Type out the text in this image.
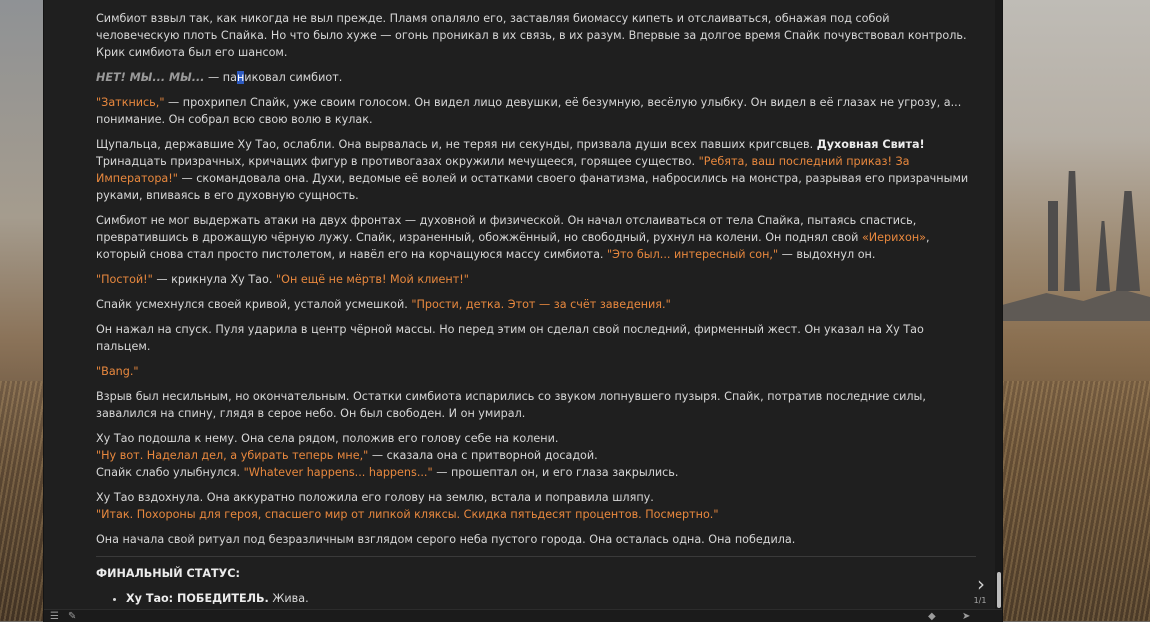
Симбиот взвыл так, как никогда не выл прежде. Пламя опаляло его, заставляя биомассу кипеть и отслаиваться, обнажая под собой человеческую плоть Спайка. Но что было хуже — огонь проникал в их связь, в их разум. Впервые за долгое время Спайк почувствовал контроль. Крик симбиота был его шансом.

НЕТ! МЫ... МЫ... — паниковал симбиот.

"Заткнись," — прохрипел Спайк, уже своим голосом. Он видел лицо девушки, её безумную, весёлую улыбку. Он видел в её глазах не угрозу, а... понимание. Он собрал всю свою волю в кулак.

Щупальца, державшие Ху Тао, ослабли. Она вырвалась и, не теряя ни секунды, призвала души всех павших кригсвцев. Духовная Свита! Тринадцать призрачных, кричащих фигур в противогазах окружили мечущееся, горящее существо. "Ребята, ваш последний приказ! За Императора!" — скомандовала она. Духи, ведомые её волей и остатками своего фанатизма, набросились на монстра, разрывая его призрачными руками, впиваясь в его духовную сущность.

Симбиот не мог выдержать атаки на двух фронтах — духовной и физической. Он начал отслаиваться от тела Спайка, пытаясь спастись, превратившись в дрожащую чёрную лужу. Спайк, израненный, обожжённый, но свободный, рухнул на колени. Он поднял свой «Иерихон», который снова стал просто пистолетом, и навёл его на корчащуюся массу симбиота. "Это был... интересный сон," — выдохнул он.

"Постой!" — крикнула Ху Тао. "Он ещё не мёртв! Мой клиент!"

Спайк усмехнулся своей кривой, усталой усмешкой. "Прости, детка. Этот — за счёт заведения."

Он нажал на спуск. Пуля ударила в центр чёрной массы. Но перед этим он сделал свой последний, фирменный жест. Он указал на Ху Тао пальцем.

"Bang."

Взрыв был несильным, но окончательным. Остатки симбиота испарились со звуком лопнувшего пузыря. Спайк, потратив последние силы, завалился на спину, глядя в серое небо. Он был свободен. И он умирал.

Ху Тао подошла к нему. Она села рядом, положив его голову себе на колени.
"Ну вот. Наделал дел, а убирать теперь мне," — сказала она с притворной досадой.
Спайк слабо улыбнулся. "Whatever happens... happens..." — прошептал он, и его глаза закрылись.

Ху Тао вздохнула. Она аккуратно положила его голову на землю, встала и поправила шляпу.
"Итак. Похороны для героя, спасшего мир от липкой кляксы. Скидка пятьдесят процентов. Посмертно."

Она начала свой ритуал под безразличным взглядом серого неба пустого города. Она осталась одна. Она победила.

ФИНАЛЬНЫЙ СТАТУС:
• Ху Тао: ПОБЕДИТЕЛЬ. Жива.
•
›
1/1
☰ ✎	◆	➤
